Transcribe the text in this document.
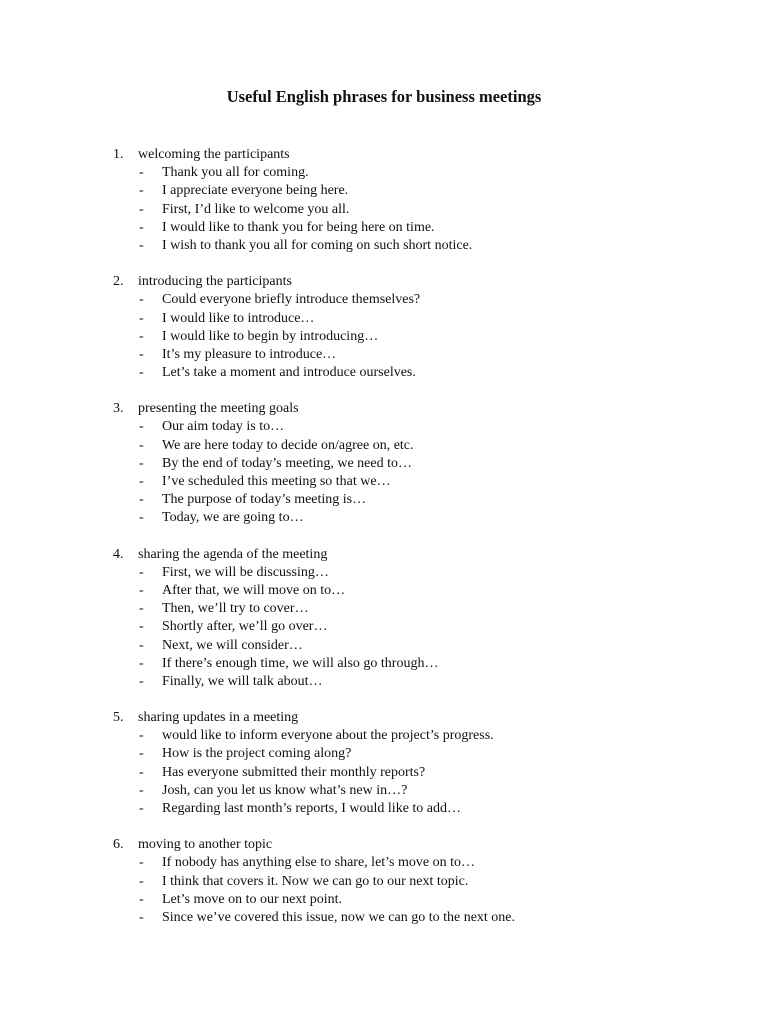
Useful English phrases for business meetings
1.	welcoming the participants
-	Thank you all for coming.
-	I appreciate everyone being here.
-	First, I’d like to welcome you all.
-	I would like to thank you for being here on time.
-	I wish to thank you all for coming on such short notice.
2.	introducing the participants
-	Could everyone briefly introduce themselves?
-	I would like to introduce…
-	I would like to begin by introducing…
-	It’s my pleasure to introduce…
-	Let’s take a moment and introduce ourselves.
3.	presenting the meeting goals
-	Our aim today is to…
-	We are here today to decide on/agree on, etc.
-	By the end of today’s meeting, we need to…
-	I’ve scheduled this meeting so that we…
-	The purpose of today’s meeting is…
-	Today, we are going to…
4.	sharing the agenda of the meeting
-	First, we will be discussing…
-	After that, we will move on to…
-	Then, we’ll try to cover…
-	Shortly after, we’ll go over…
-	Next, we will consider…
-	If there’s enough time, we will also go through…
-	Finally, we will talk about…
5.	sharing updates in a meeting
-	would like to inform everyone about the project’s progress.
-	How is the project coming along?
-	Has everyone submitted their monthly reports?
-	Josh, can you let us know what’s new in…?
-	Regarding last month’s reports, I would like to add…
6.	moving to another topic
-	If nobody has anything else to share, let’s move on to…
-	I think that covers it. Now we can go to our next topic.
-	Let’s move on to our next point.
-	Since we’ve covered this issue, now we can go to the next one.
